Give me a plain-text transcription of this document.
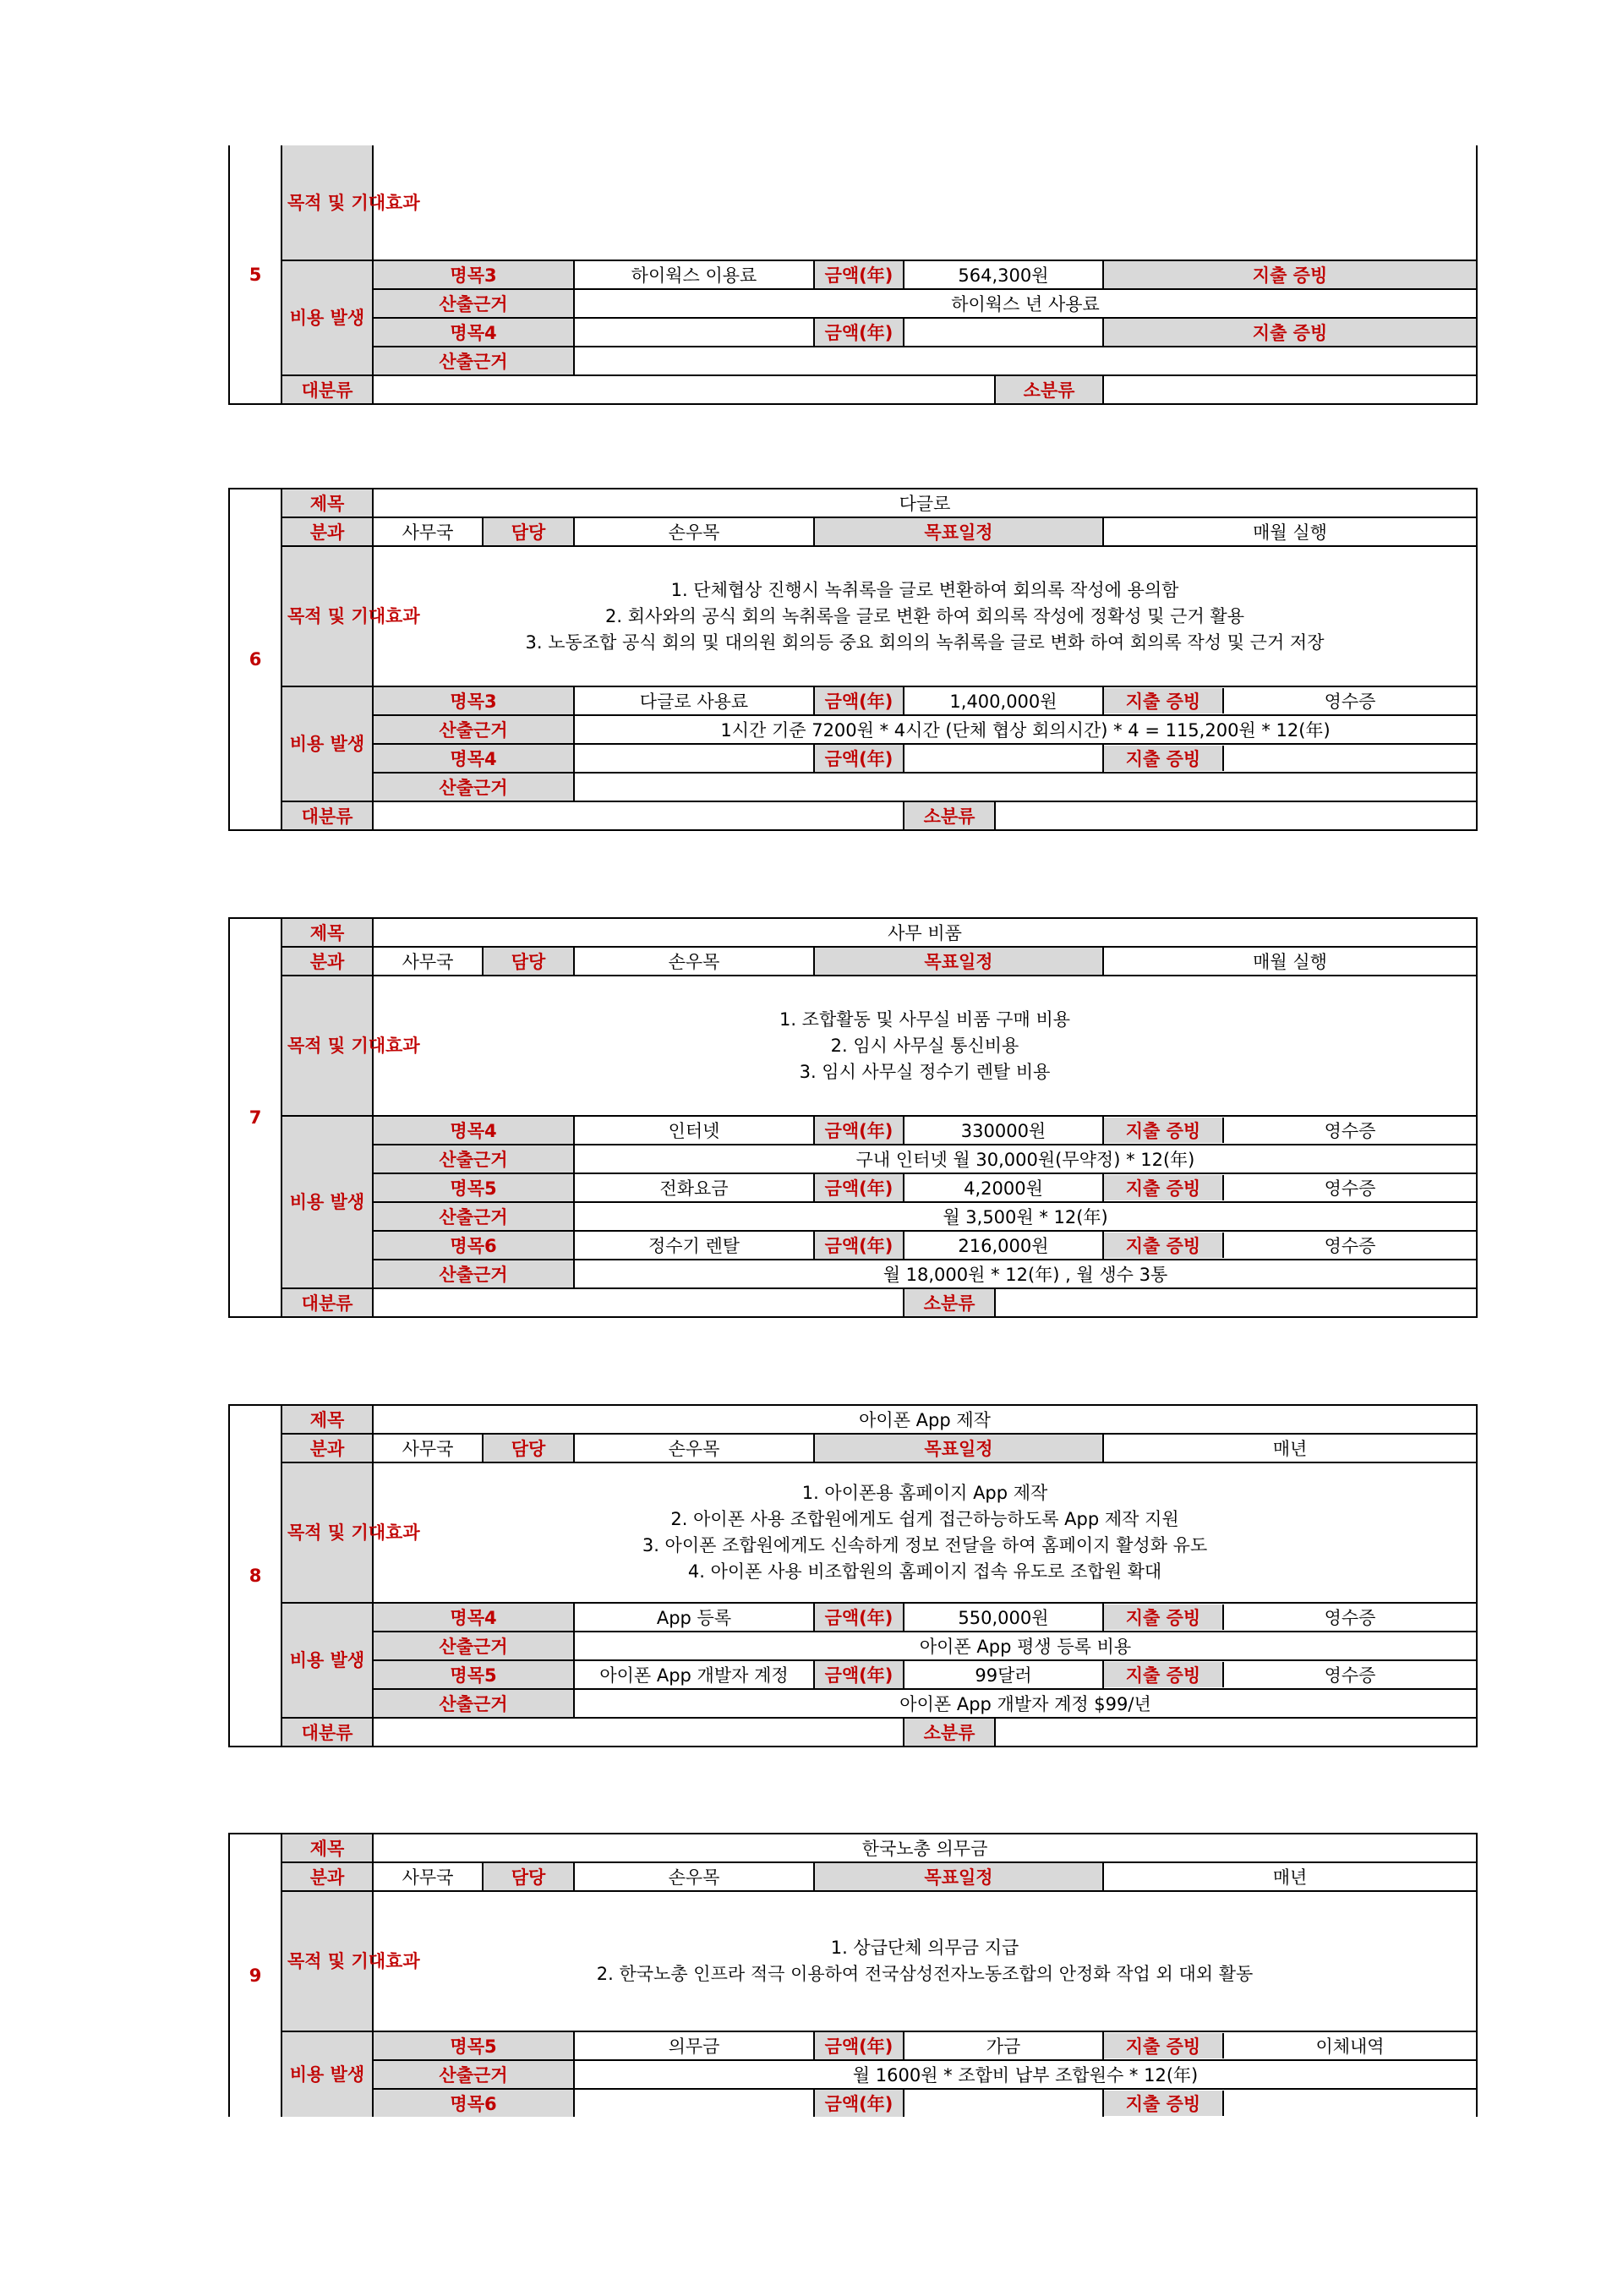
5	목적 및 기대효과							
	비용 발생	명목3	하이웍스 이용료	금액(年)	564,300원		지출 증빙	
		산출근거	하이웍스 년 사용료					
		명목4		금액(年)			지출 증빙	
		산출근거						
	대분류					소분류		
6	제목	다글로
분과	사무국	담당	손우목	목표일정	매월 실행
목적 및 기대효과	
1. 단체협상 진행시 녹취록을 글로 변환하여 회의록 작성에 용의함
2. 회사와의 공식 회의 녹취록을 글로 변환 하여 회의록 작성에 정확성 및 근거 활용
3. 노동조합 공식 회의 및 대의원 회의등 중요 회의의 녹취록을 글로 변화 하여 회의록 작성 및 근거 저장

비용 발생	명목3	다글로 사용료	금액(年)	1,400,000원		지출 증빙	영수증

산출근거	1시간 기준 7200원 * 4시간 (단체 협상 회의시간) * 4 = 115,200원 * 12(年)
명목4		금액(年)			지출 증빙	

산출근거	
대분류		소분류	
7	제목	사무 비품
분과	사무국	담당	손우목	목표일정	매월 실행
목적 및 기대효과	
1. 조합활동 및 사무실 비품 구매 비용
2. 임시 사무실 통신비용
3. 임시 사무실 정수기 렌탈 비용

비용 발생	명목4	인터넷	금액(年)	330000원		지출 증빙	영수증

산출근거	구내 인터넷 월 30,000원(무약정) * 12(年)
명목5	전화요금	금액(年)	4,2000원		지출 증빙	영수증

산출근거	월 3,500원 * 12(年)
명목6	정수기 렌탈	금액(年)	216,000원		지출 증빙	영수증

산출근거	월 18,000원 * 12(年) , 월 생수 3통
대분류		소분류	
8	제목	아이폰 App 제작
분과	사무국	담당	손우목	목표일정	매년
목적 및 기대효과	
1. 아이폰용 홈페이지 App 제작
2. 아이폰 사용 조합원에게도 쉽게 접근하능하도록 App 제작 지원
3. 아이폰 조합원에게도 신속하게 정보 전달을 하여 홈페이지 활성화 유도
4. 아이폰 사용 비조합원의 홈페이지 접속 유도로 조합원 확대

비용 발생	명목4	App 등록	금액(年)	550,000원		지출 증빙	영수증

산출근거	아이폰 App 평생 등록 비용
명목5	아이폰 App 개발자 계정	금액(年)	99달러		지출 증빙	영수증

산출근거	아이폰 App 개발자 계정 $99/년
대분류		소분류	
9	제목	한국노총 의무금
분과	사무국	담당	손우목	목표일정	매년
목적 및 기대효과	
1. 상급단체 의무금 지급
2. 한국노총 인프라 적극 이용하여 전국삼성전자노동조합의 안정화 작업 외 대외 활동

비용 발생	명목5	의무금	금액(年)	가금		지출 증빙	이체내역

산출근거	월 1600원 * 조합비 납부 조합원수 * 12(年)
명목6		금액(年)			지출 증빙	
